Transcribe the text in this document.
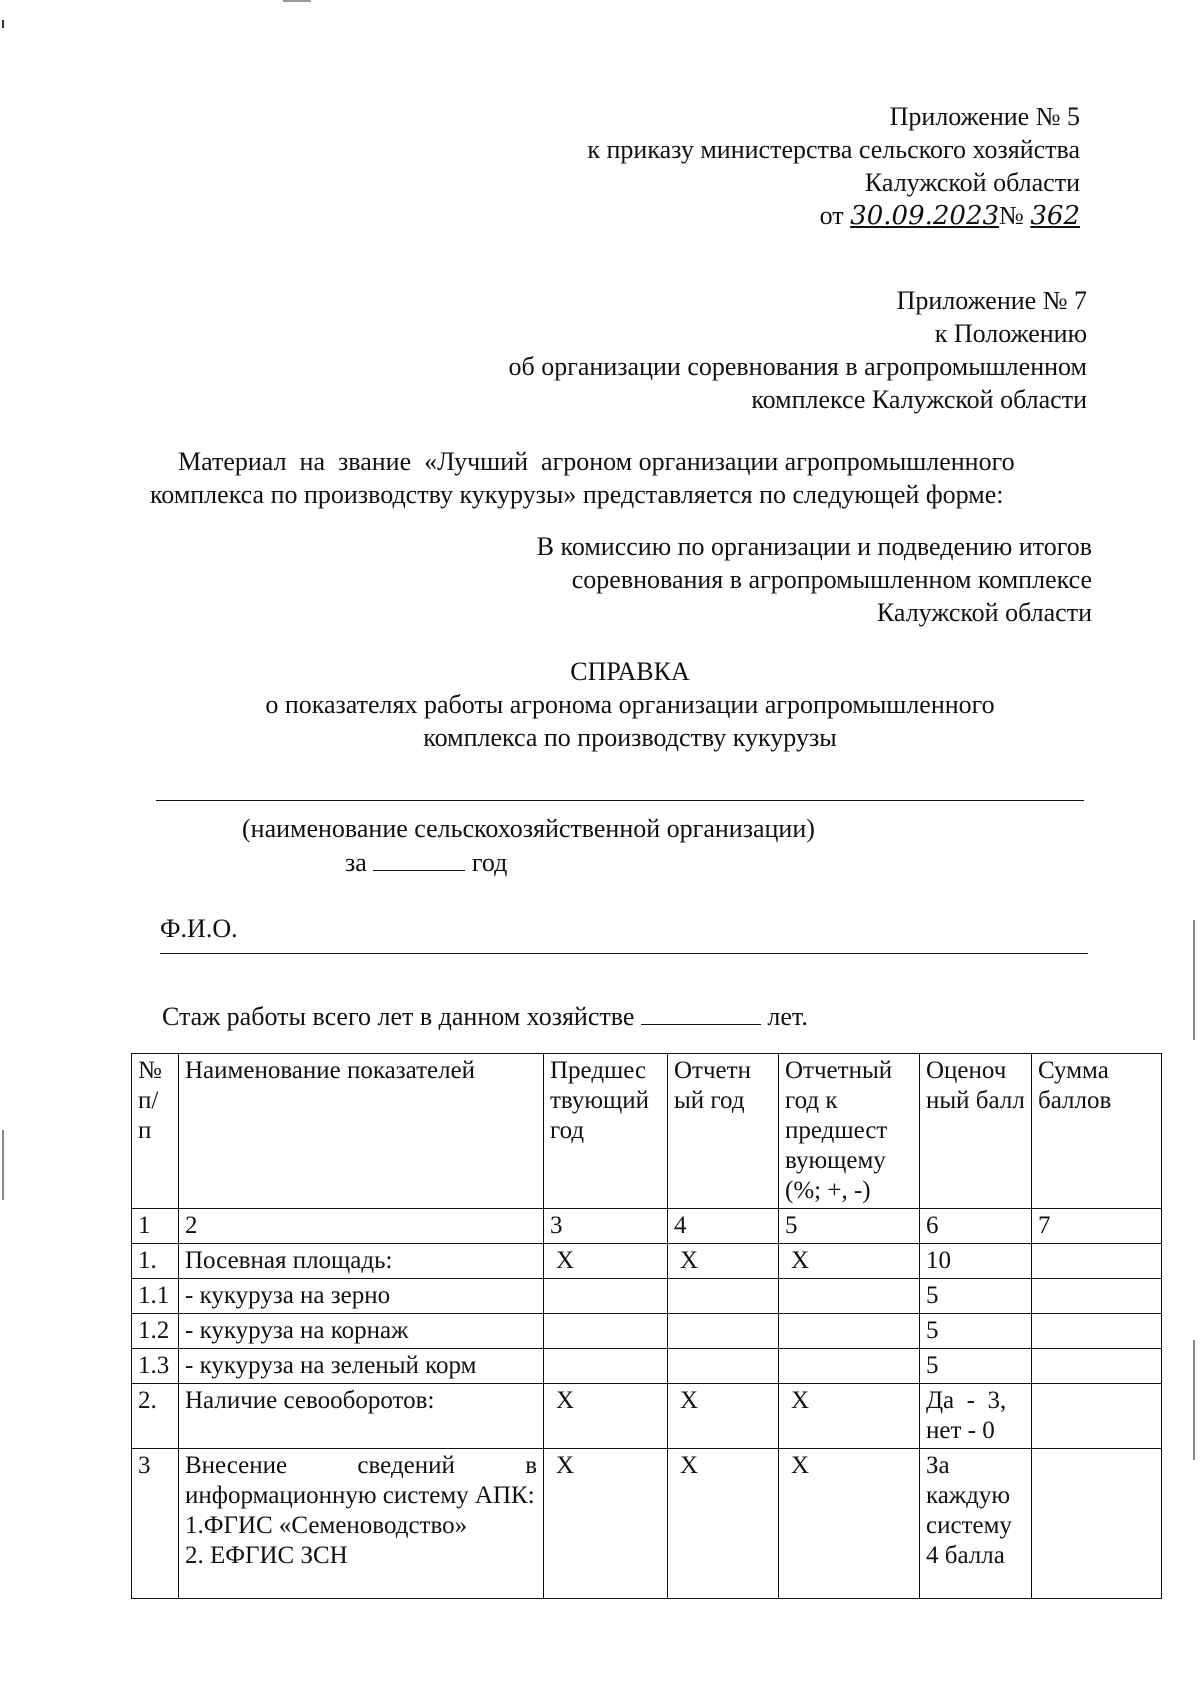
Приложение № 5
к приказу министерства сельского хозяйства
Калужской области
от 30.09.2023№ 362
Приложение № 7
к Положению
об организации соревнования в агропромышленном
комплексе Калужской области
Материал  на  звание  «Лучший  агроном организации агропромышленного
комплекса по производству кукурузы» представляется по следующей форме:
В комиссию по организации и подведению итогов
соревнования в агропромышленном комплексе
Калужской области
СПРАВКА
о показателях работы агронома организации агропромышленного
комплекса по производству кукурузы
(наименование сельскохозяйственной организации)
за	год
Ф.И.О.
Стаж работы всего лет в данном хозяйстве	лет.
№ п/ п	Наименование показателей	Предшес твующий год	Отчетн ый год	Отчетный год к предшест вующему (%; +, -)	Оценоч ный балл	Сумма баллов
1	2	3	4	5	6	7
1.	Посевная площадь:	Х	Х	Х	10	
1.1	- кукуруза на зерно				5	
1.2	- кукуруза на корнаж				5	
1.3	- кукуруза на зеленый корм				5	
2.	Наличие севооборотов:	Х	Х	Х	Да  -  3, нет - 0	
3	Внесение сведений в информационную систему АПК:
1.ФГИС «Семеноводство»
2. ЕФГИС ЗСН	Х	Х	Х	За каждую систему 4 балла	
